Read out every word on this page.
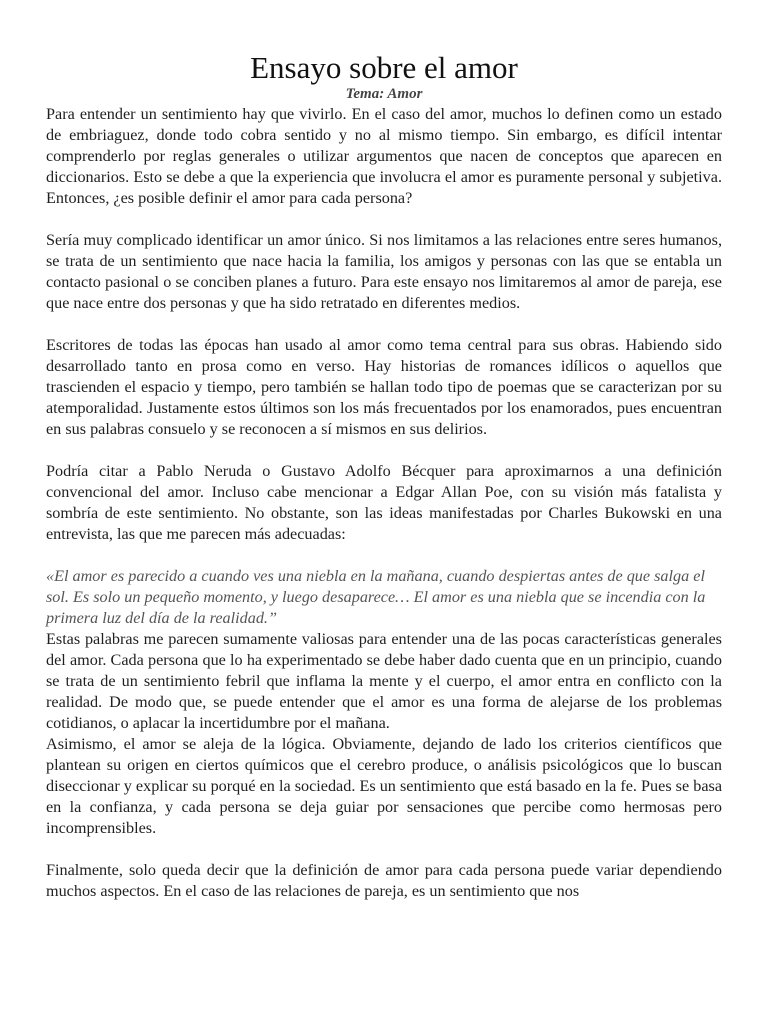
Ensayo sobre el amor
Tema: Amor

Para entender un sentimiento hay que vivirlo. En el caso del amor, muchos lo definen como un estado de embriaguez, donde todo cobra sentido y no al mismo tiempo. Sin embargo, es difícil intentar comprenderlo por reglas generales o utilizar argumentos que nacen de conceptos que aparecen en diccionarios. Esto se debe a que la experiencia que involucra el amor es puramente personal y subjetiva. Entonces, ¿es posible definir el amor para cada persona?

Sería muy complicado identificar un amor único. Si nos limitamos a las relaciones entre seres humanos, se trata de un sentimiento que nace hacia la familia, los amigos y personas con las que se entabla un contacto pasional o se conciben planes a futuro. Para este ensayo nos limitaremos al amor de pareja, ese que nace entre dos personas y que ha sido retratado en diferentes medios.

Escritores de todas las épocas han usado al amor como tema central para sus obras. Habiendo sido desarrollado tanto en prosa como en verso. Hay historias de romances idílicos o aquellos que trascienden el espacio y tiempo, pero también se hallan todo tipo de poemas que se caracterizan por su atemporalidad. Justamente estos últimos son los más frecuentados por los enamorados, pues encuentran en sus palabras consuelo y se reconocen a sí mismos en sus delirios.

Podría citar a Pablo Neruda o Gustavo Adolfo Bécquer para aproximarnos a una definición convencional del amor. Incluso cabe mencionar a Edgar Allan Poe, con su visión más fatalista y sombría de este sentimiento. No obstante, son las ideas manifestadas por Charles Bukowski en una entrevista, las que me parecen más adecuadas:

«El amor es parecido a cuando ves una niebla en la mañana, cuando despiertas antes de que salga el sol. Es solo un pequeño momento, y luego desaparece… El amor es una niebla que se incendia con la primera luz del día de la realidad.”

Estas palabras me parecen sumamente valiosas para entender una de las pocas características generales del amor. Cada persona que lo ha experimentado se debe haber dado cuenta que en un principio, cuando se trata de un sentimiento febril que inflama la mente y el cuerpo, el amor entra en conflicto con la realidad. De modo que, se puede entender que el amor es una forma de alejarse de los problemas cotidianos, o aplacar la incertidumbre por el mañana.

Asimismo, el amor se aleja de la lógica. Obviamente, dejando de lado los criterios científicos que plantean su origen en ciertos químicos que el cerebro produce, o análisis psicológicos que lo buscan diseccionar y explicar su porqué en la sociedad. Es un sentimiento que está basado en la fe. Pues se basa en la confianza, y cada persona se deja guiar por sensaciones que percibe como hermosas pero incomprensibles.

Finalmente, solo queda decir que la definición de amor para cada persona puede variar dependiendo muchos aspectos. En el caso de las relaciones de pareja, es un sentimiento que nos
